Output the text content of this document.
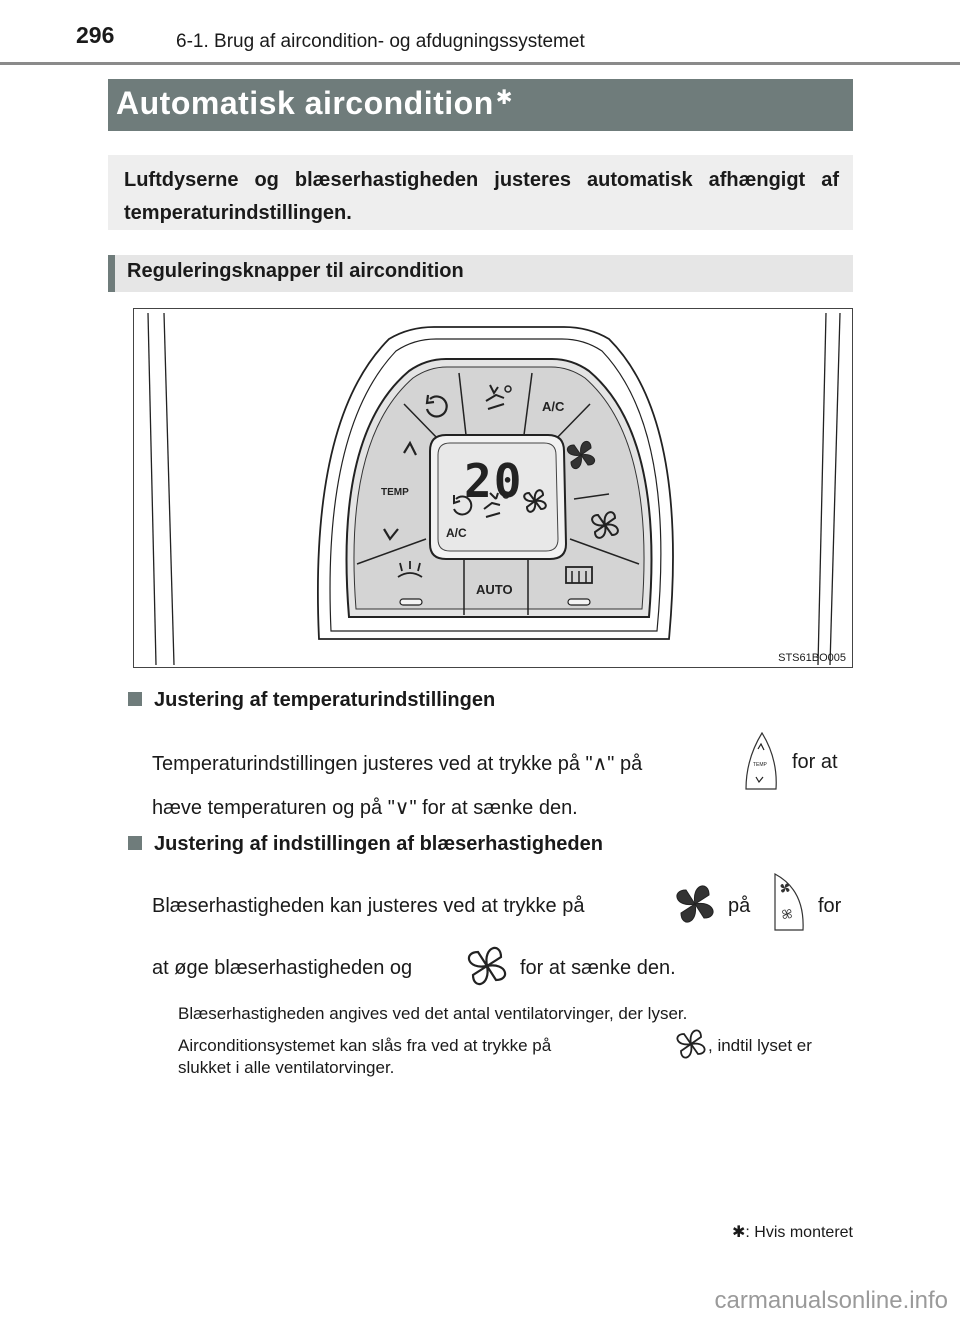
296	6-1. Brug af aircondition- og afdugningssystemet
Automatisk aircondition ✱
Luftdyserne og blæserhastigheden justeres automatisk afhængigt af temperaturindstillingen.
Reguleringsknapper til aircondition
20
A/C
A/C
TEMP
AUTO
STS61BO005
Justering af temperaturindstillingen
Temperaturindstillingen justeres ved at trykke på "∧" på	for at
TEMP
hæve temperaturen og på "∨" for at sænke den.
Justering af indstillingen af blæserhastigheden
Blæserhastigheden kan justeres ved at trykke på	på	for
at øge blæserhastigheden og	for at sænke den.
Blæserhastigheden angives ved det antal ventilatorvinger, der lyser.
Airconditionsystemet kan slås fra ved at trykke på	, indtil lyset er
slukket i alle ventilatorvinger.
✱: Hvis monteret
carmanualsonline.info
